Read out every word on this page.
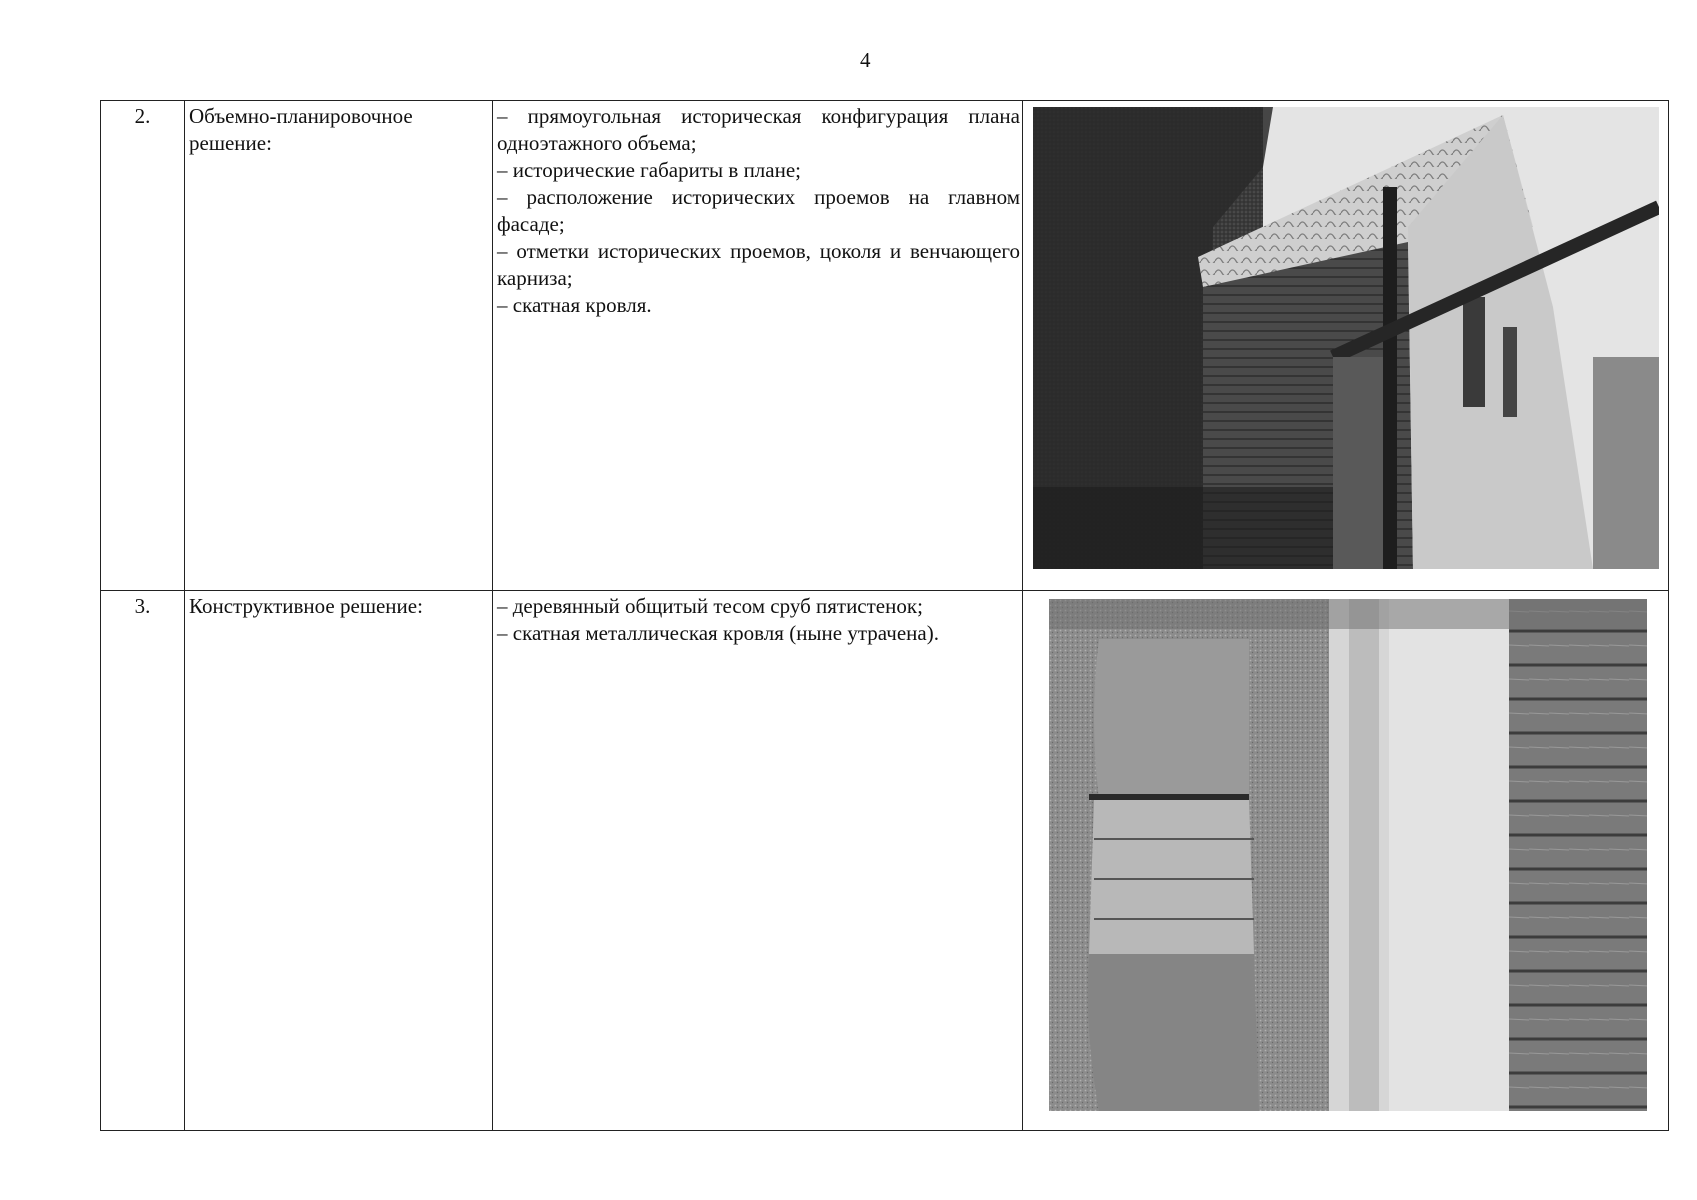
4
2.	Объемно-планировочное решение:	– прямоугольная историческая конфигурация плана одноэтажного объема;

– исторические габариты в плане;

– расположение исторических проемов на главном фасаде;

– отметки исторических проемов, цоколя и венчающего карниза;

– скатная кровля.

3.	Конструктивное решение:	– деревянный общитый тесом сруб пятистенок;

– скатная металлическая кровля (ныне утрачена).
